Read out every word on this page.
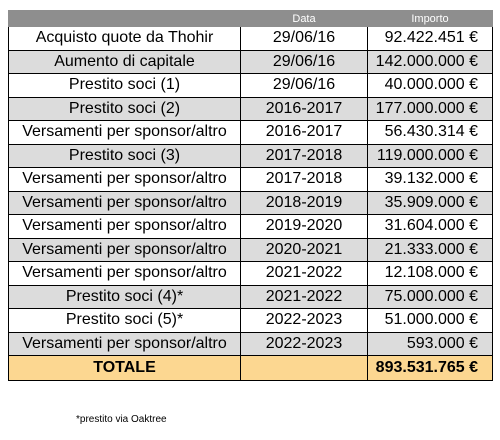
	Data	Importo
Acquisto quote da Thohir	29/06/16	92.422.451 €
Aumento di capitale	29/06/16	142.000.000 €
Prestito soci (1)	29/06/16	40.000.000 €
Prestito soci (2)	2016-2017	177.000.000 €
Versamenti per sponsor/altro	2016-2017	56.430.314 €
Prestito soci (3)	2017-2018	119.000.000 €
Versamenti per sponsor/altro	2017-2018	39.132.000 €
Versamenti per sponsor/altro	2018-2019	35.909.000 €
Versamenti per sponsor/altro	2019-2020	31.604.000 €
Versamenti per sponsor/altro	2020-2021	21.333.000 €
Versamenti per sponsor/altro	2021-2022	12.108.000 €
Prestito soci (4)*	2021-2022	75.000.000 €
Prestito soci (5)*	2022-2023	51.000.000 €
Versamenti per sponsor/altro	2022-2023	593.000 €
TOTALE		893.531.765 €
*prestito via Oaktree
